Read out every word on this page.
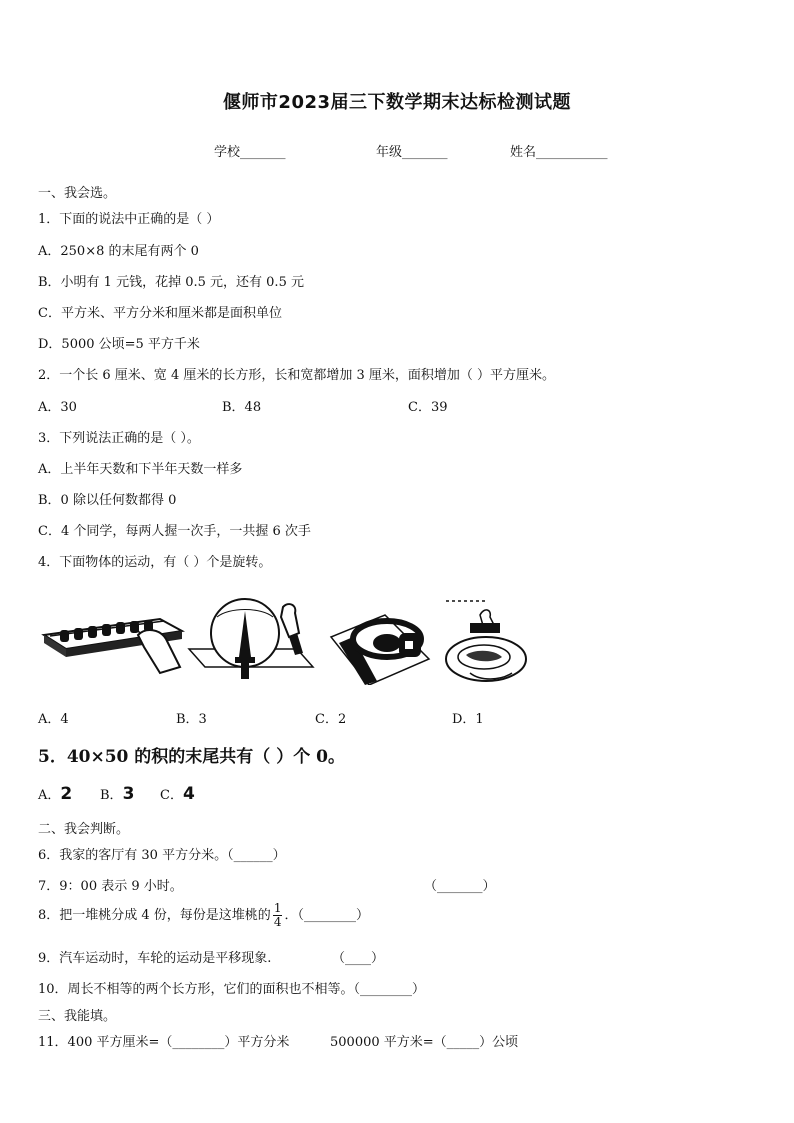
偃师市2023届三下数学期末达标检测试题
学校_______	年级_______	姓名___________
一、我会选。
1．下面的说法中正确的是（ ）
A．250×8 的末尾有两个 0
B．小明有 1 元钱，花掉 0.5 元，还有 0.5 元
C．平方米、平方分米和厘米都是面积单位
D．5000 公顷=5 平方千米
2．一个长 6 厘米、宽 4 厘米的长方形，长和宽都增加 3 厘米，面积增加（ ）平方厘米。
A．30	B．48	C．39
3．下列说法正确的是（ ）。
A．上半年天数和下半年天数一样多
B．0 除以任何数都得 0
C．4 个同学，每两人握一次手，一共握 6 次手
4．下面物体的运动，有（ ）个是旋转。
A．4	B．3	C．2	D．1
5．40×50 的积的末尾共有（ ）个 0。
A．2 B．3 C．4
二、我会判断。
6．我家的客厅有 30 平方分米。（______）
7．9：00 表示 9 小时。	（_______）
8．把一堆桃分成 4 份，每份是这堆桃的 $\frac{1}{4}$ ．（________）
9．汽车运动时，车轮的运动是平移现象.	（____）
10．周长不相等的两个长方形，它们的面积也不相等。（________）
三、我能填。
11．400 平方厘米=（________）平方分米	500000 平方米=（_____）公顷
